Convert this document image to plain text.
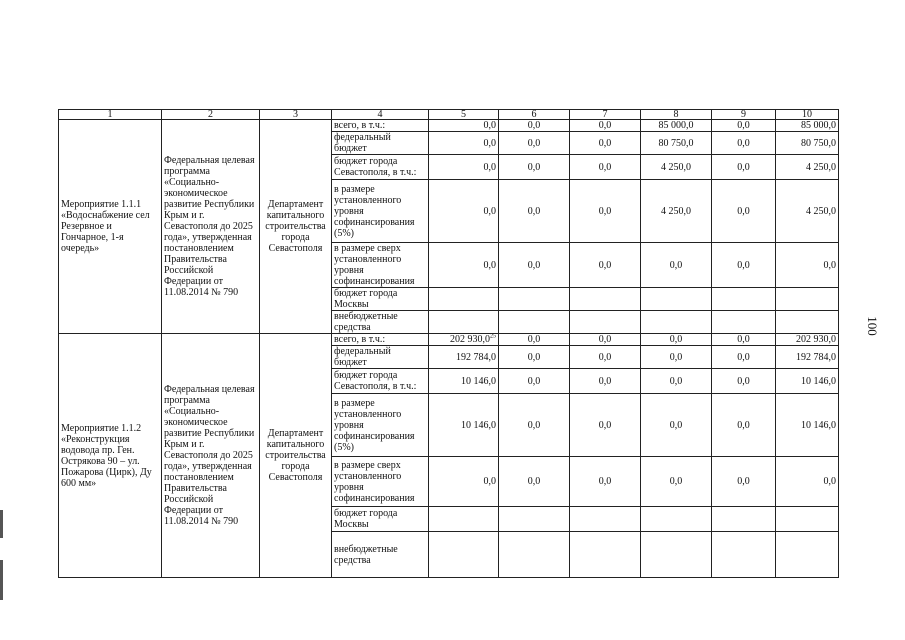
1	2	3	4	5	6	7	8	9	10
Мероприятие 1.1.1 «Водоснабжение сел Резервное и Гончарное, 1-я очередь»	Федеральная целевая программа «Социально-экономическое развитие Республики Крым и г. Севастополя до 2025 года», утвержденная постановлением Правительства Российской Федерации от 11.08.2014 № 790	Департамент капитального строительства города Севастополя	всего, в т.ч.:	0,0	0,0	0,0	85 000,0	0,0	85 000,0
			федеральный бюджет	0,0	0,0	0,0	80 750,0	0,0	80 750,0
			бюджет города Севастополя, в т.ч.:	0,0	0,0	0,0	4 250,0	0,0	4 250,0
			в размере установленного уровня софинансирования (5%)	0,0	0,0	0,0	4 250,0	0,0	4 250,0
			в размере сверх установленного уровня софинансирования	0,0	0,0	0,0	0,0	0,0	0,0
			бюджет города Москвы						
			внебюджетные средства						
Мероприятие 1.1.2 «Реконструкция водовода пр. Ген. Острякова 90 – ул. Пожарова (Цирк), Ду 600 мм»	Федеральная целевая программа «Социально-экономическое развитие Республики Крым и г. Севастополя до 2025 года», утвержденная постановлением Правительства Российской Федерации от 11.08.2014 № 790	Департамент капитального строительства города Севастополя	всего, в т.ч.:	202 930,0$^{25}$	0,0	0,0	0,0	0,0	202 930,0
			федеральный бюджет	192 784,0	0,0	0,0	0,0	0,0	192 784,0
			бюджет города Севастополя, в т.ч.:	10 146,0	0,0	0,0	0,0	0,0	10 146,0
			в размере установленного уровня софинансирования (5%)	10 146,0	0,0	0,0	0,0	0,0	10 146,0
			в размере сверх установленного уровня софинансирования	0,0	0,0	0,0	0,0	0,0	0,0
			бюджет города Москвы						
			внебюджетные средства						
100
